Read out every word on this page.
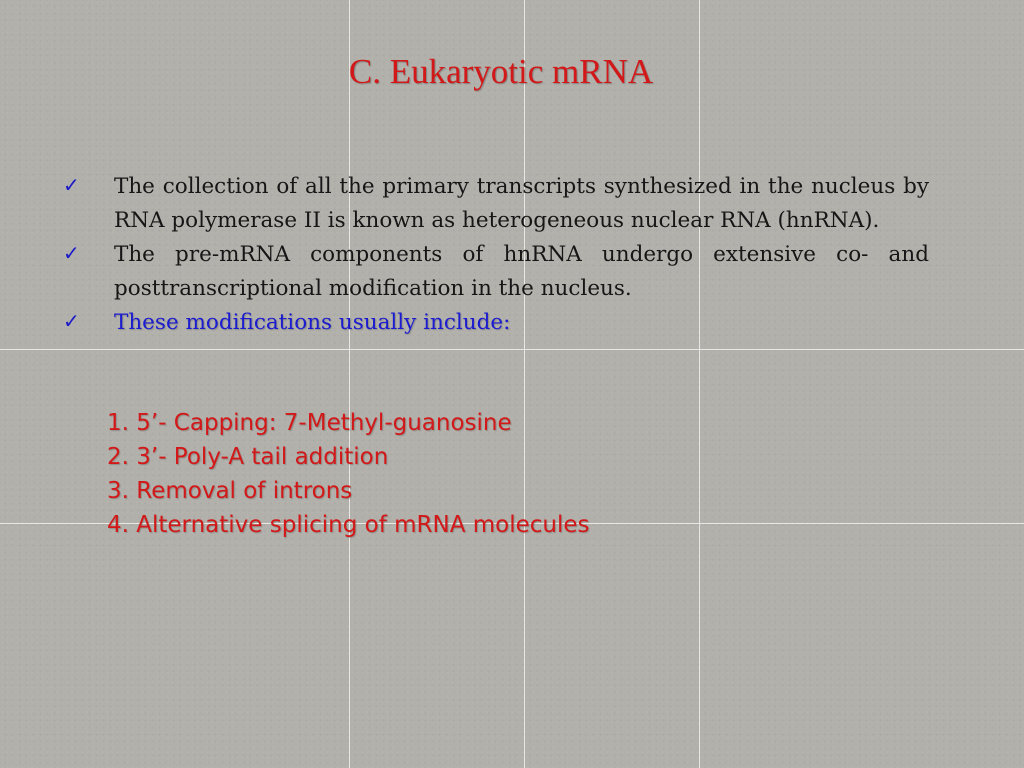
C. Eukaryotic mRNA
✓	The collection of all the primary transcripts synthesized in the nucleus by RNA polymerase II is known as heterogeneous nuclear RNA (hnRNA).
✓	The pre-mRNA components of hnRNA undergo extensive co- and posttranscriptional modification in the nucleus.
✓	These modifications usually include:
1. 5’- Capping: 7-Methyl-guanosine
2. 3’- Poly-A tail addition
3. Removal of introns
4. Alternative splicing of mRNA molecules
